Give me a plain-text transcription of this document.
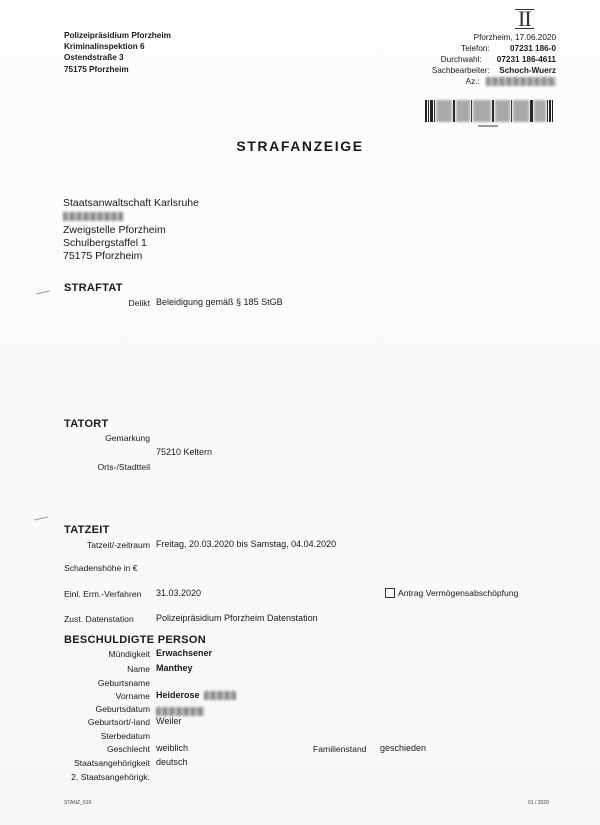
II
Polizeipräsidium Pforzheim
Kriminalinspektion 6
Ostendstraße 3
75175 Pforzheim
Pforzheim, 17.06.2020
Telefon: 07231 186-0
Durchwahl: 07231 186-4611
Sachbearbeiter: Schoch-Wuerz
Az.:
STRAFANZEIGE
Staatsanwaltschaft Karlsruhe
Zweigstelle Pforzheim
Schulbergstaffel 1
75175 Pforzheim
STRAFTAT
Delikt Beleidigung gemäß § 185 StGB
TATORT
Gemarkung
75210 Keltern
Orts-/Stadtteil
TATZEIT
Tatzeit/-zeitraum Freitag, 20.03.2020 bis Samstag, 04.04.2020
Schadenshöhe in €
Einl. Erm.-Verfahren 31.03.2020	Antrag Vermögensabschöpfung
Zust. Datenstation Polizeipräsidium Pforzheim Datenstation
BESCHULDIGTE PERSON
Mündigkeit Erwachsener
Name Manthey
Geburtsname
Vorname Heiderose
Geburtsdatum
Geburtsort/-land Weiler
Sterbedatum
Geschlecht weiblich	Familienstand geschieden
Staatsangehörigkeit deutsch
2. Staatsangehörigk.
STANZ_019	01 / 2020
